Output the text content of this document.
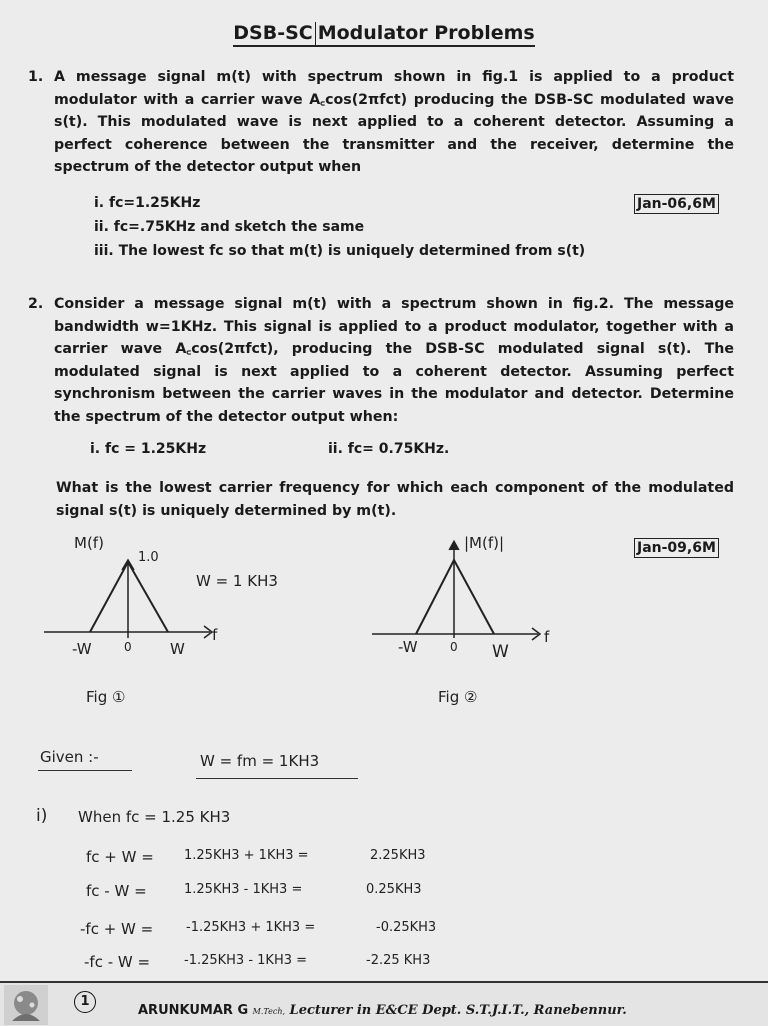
DSB-SC Modulator Problems
1. A message signal m(t) with spectrum shown in fig.1 is applied to a product modulator with a carrier wave A꜀cos(2πfct) producing the DSB-SC modulated wave s(t). This modulated wave is next applied to a coherent detector. Assuming a perfect coherence between the transmitter and the receiver, determine the spectrum of the detector output when
i. fc=1.25KHz
ii. fc=.75KHz and sketch the same
iii. The lowest fc so that m(t) is uniquely determined from s(t)
Jan-06,6M
2. Consider a message signal m(t) with a spectrum shown in fig.2. The message bandwidth w=1KHz. This signal is applied to a product modulator, together with a carrier wave A꜀cos(2πfct), producing the DSB-SC modulated signal s(t). The modulated signal is next applied to a coherent detector. Assuming perfect synchronism between the carrier waves in the modulator and detector. Determine the spectrum of the detector output when:
i. fc = 1.25KHz	ii. fc= 0.75KHz.
What is the lowest carrier frequency for which each component of the modulated signal s(t) is uniquely determined by m(t).
Jan-09,6M
M(f)
1.0
W = 1 KH3
-W	0	W
f
Fig ①
|M(f)|
-W	0 W
f
Fig ②
Given :-	W = fm = 1KH3
i) When fc = 1.25 KH3
fc + W = 1.25KH3 + 1KH3 =	2.25KH3
fc - W =	1.25KH3 - 1KH3 =	0.25KH3
-fc + W =	-1.25KH3 + 1KH3 =	-0.25KH3
-fc - W =	-1.25KH3 - 1KH3 =	-2.25 KH3
1
ARUNKUMAR G M.Tech, Lecturer in E&CE Dept. S.T.J.I.T., Ranebennur.
